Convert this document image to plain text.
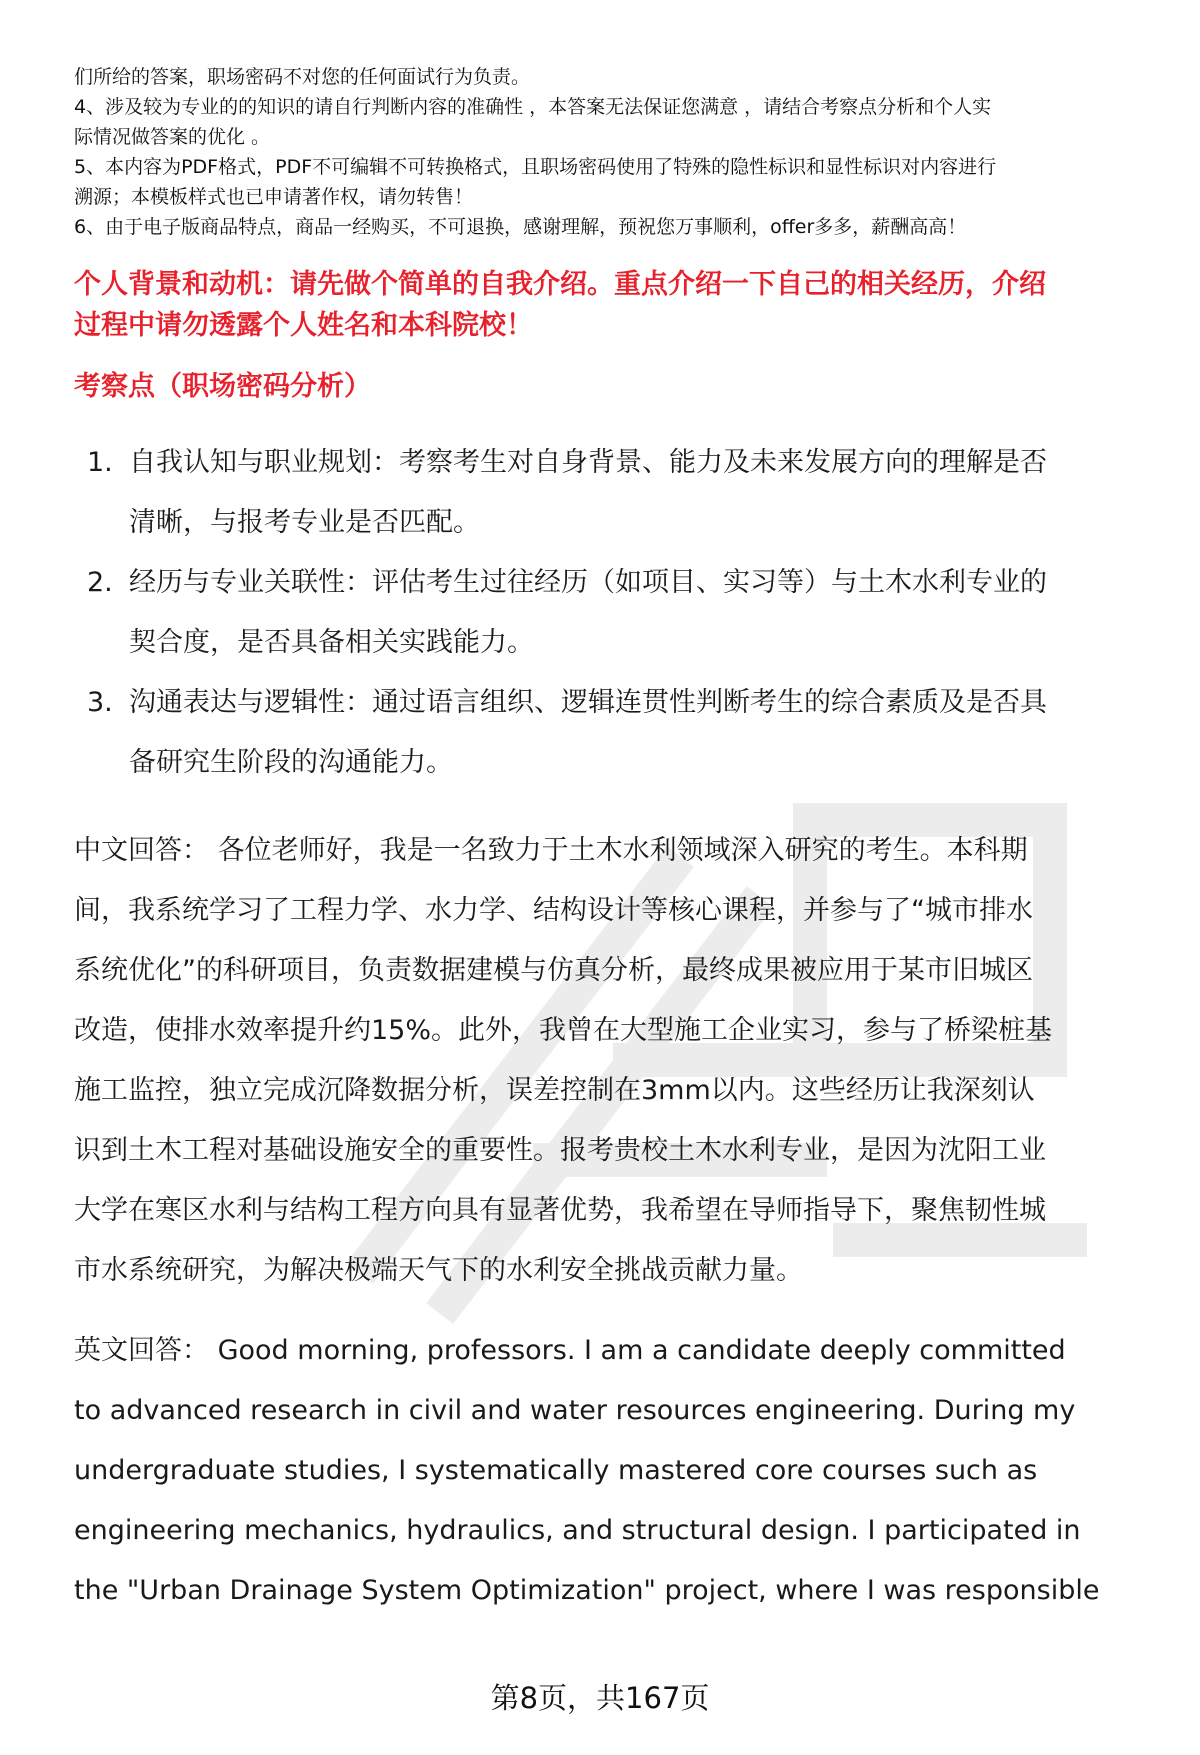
们所给的答案，职场密码不对您的任何面试行为负责。

4、涉及较为专业的的知识的请自行判断内容的准确性 ，本答案无法保证您满意 ，请结合考察点分析和个人实

际情况做答案的优化 。

5、本内容为PDF格式，PDF不可编辑不可转换格式，且职场密码使用了特殊的隐性标识和显性标识对内容进行

溯源；本模板样式也已申请著作权，请勿转售！

6、由于电子版商品特点，商品一经购买，不可退换，感谢理解，预祝您万事顺利，offer多多，薪酬高高！

个人背景和动机：请先做个简单的自我介绍。重点介绍一下自己的相关经历，介绍

过程中请勿透露个人姓名和本科院校！

考察点（职场密码分析）

1. 自我认知与职业规划：考察考生对自身背景、能力及未来发展方向的理解是否
清晰，与报考专业是否匹配。
2. 经历与专业关联性：评估考生过往经历（如项目、实习等）与土木水利专业的
契合度，是否具备相关实践能力。
3. 沟通表达与逻辑性：通过语言组织、逻辑连贯性判断考生的综合素质及是否具
备研究生阶段的沟通能力。

中文回答： 各位老师好，我是一名致力于土木水利领域深入研究的考生。本科期

间，我系统学习了工程力学、水力学、结构设计等核心课程，并参与了“城市排水

系统优化”的科研项目，负责数据建模与仿真分析，最终成果被应用于某市旧城区

改造，使排水效率提升约15%。此外，我曾在大型施工企业实习，参与了桥梁桩基

施工监控，独立完成沉降数据分析，误差控制在3mm以内。这些经历让我深刻认

识到土木工程对基础设施安全的重要性。报考贵校土木水利专业，是因为沈阳工业

大学在寒区水利与结构工程方向具有显著优势，我希望在导师指导下，聚焦韧性城

市水系统研究，为解决极端天气下的水利安全挑战贡献力量。

英文回答： Good morning, professors. I am a candidate deeply committed

to advanced research in civil and water resources engineering. During my

undergraduate studies, I systematically mastered core courses such as

engineering mechanics, hydraulics, and structural design. I participated in

the "Urban Drainage System Optimization" project, where I was responsible

第8页，共167页
